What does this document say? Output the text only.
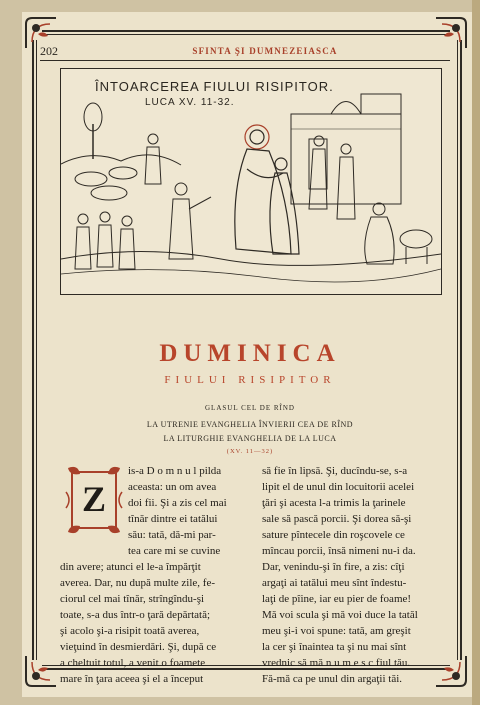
202	SFINTA ŞI DUMNEZEIASCA
ÎNTOARCEREA FIULUI RISIPITOR.
LUCA XV. 11-32.
DUMINICA
FIULUI RISIPITOR
GLASUL CEL DE RÎND
LA UTRENIE EVANGHELIA ÎNVIERII CEA DE RÎND
LA LITURGHIE EVANGHELIA DE LA LUCA
(XV. 11—32)
Z
is-a D o m n u l pilda
aceasta: un om avea
doi fii. Şi a zis cel mai
tînăr dintre ei tatălui
său: tată, dă-mi par-
tea care mi se cuvine
din avere; atunci el le-a împărţit
averea. Dar, nu după multe zile, fe-
ciorul cel mai tînăr, strîngîndu-şi
toate, s-a dus într-o ţară depărtată;
şi acolo şi-a risipit toată averea,
vieţuind în desmierdări. Şi, după ce
a cheltuit totul, a venit o foamete
mare în ţara aceea şi el a început
să fie în lipsă. Şi, ducîndu-se, s-a
lipit el de unul din locuitorii acelei
ţări şi acesta l-a trimis la ţarinele
sale să pască porcii. Şi dorea să-şi
sature pîntecele din roşcovele ce
mîncau porcii, însă nimeni nu-i da.
Dar, venindu-şi în fire, a zis: cîţi
argaţi ai tatălui meu sînt îndestu-
laţi de pîine, iar eu pier de foame!
Mă voi scula şi mă voi duce la tatăl
meu şi-i voi spune: tată, am greşit
la cer şi înaintea ta şi nu mai sînt
vrednic să mă n u m e s c fiul tău.
Fă-mă ca pe unul din argaţii tăi.
